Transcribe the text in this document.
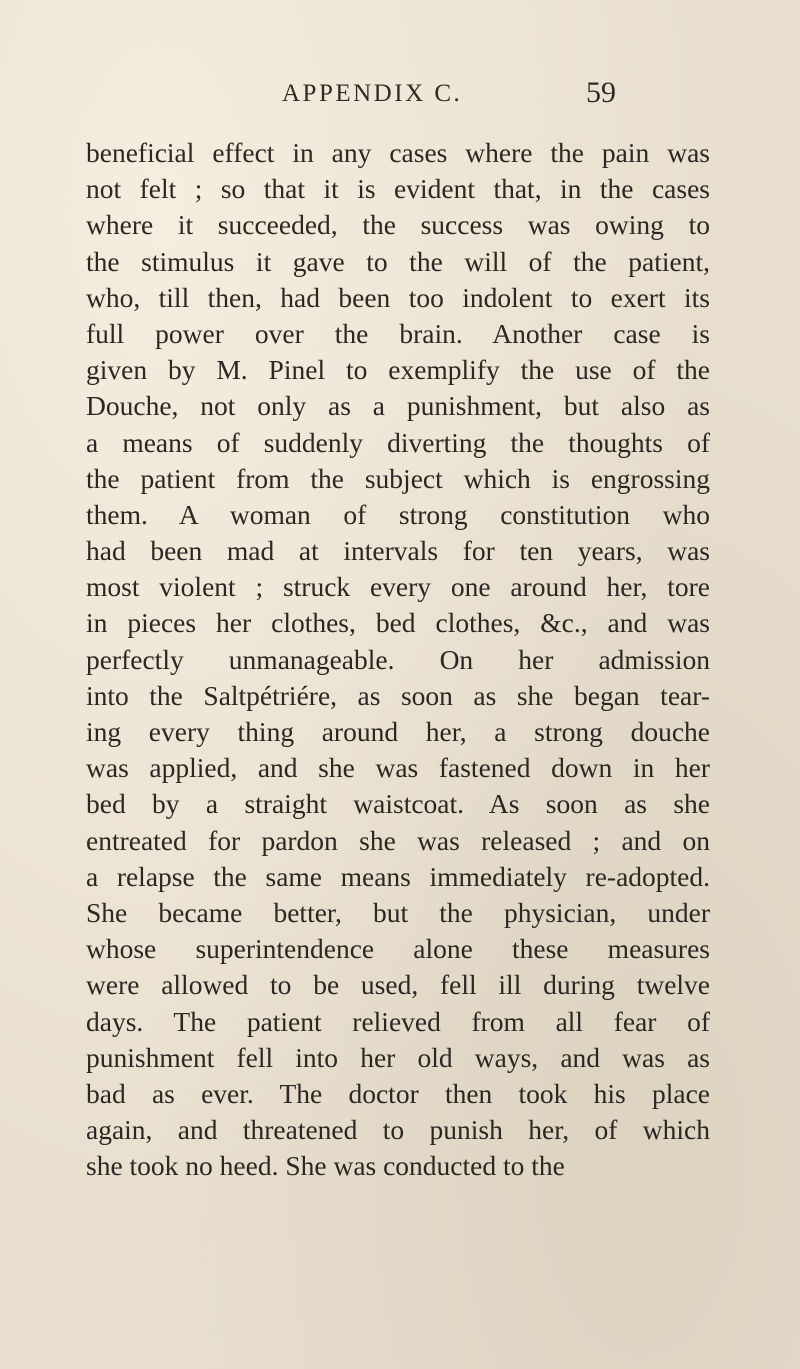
APPENDIX C.	59
beneficial effect in any cases where the pain was
not felt ; so that it is evident that, in the cases
where it succeeded, the success was owing to
the stimulus it gave to the will of the patient,
who, till then, had been too indolent to exert its
full power over the brain. Another case is
given by M. Pinel to exemplify the use of the
Douche, not only as a punishment, but also as
a means of suddenly diverting the thoughts of
the patient from the subject which is engrossing
them. A woman of strong constitution who
had been mad at intervals for ten years, was
most violent ; struck every one around her, tore
in pieces her clothes, bed clothes, &c., and was
perfectly unmanageable. On her admission
into the Saltpétriére, as soon as she began tear-
ing every thing around her, a strong douche
was applied, and she was fastened down in her
bed by a straight waistcoat. As soon as she
entreated for pardon she was released ; and on
a relapse the same means immediately re-adopted.
She became better, but the physician, under
whose superintendence alone these measures
were allowed to be used, fell ill during twelve
days. The patient relieved from all fear of
punishment fell into her old ways, and was as
bad as ever. The doctor then took his place
again, and threatened to punish her, of which
she took no heed. She was conducted to the
